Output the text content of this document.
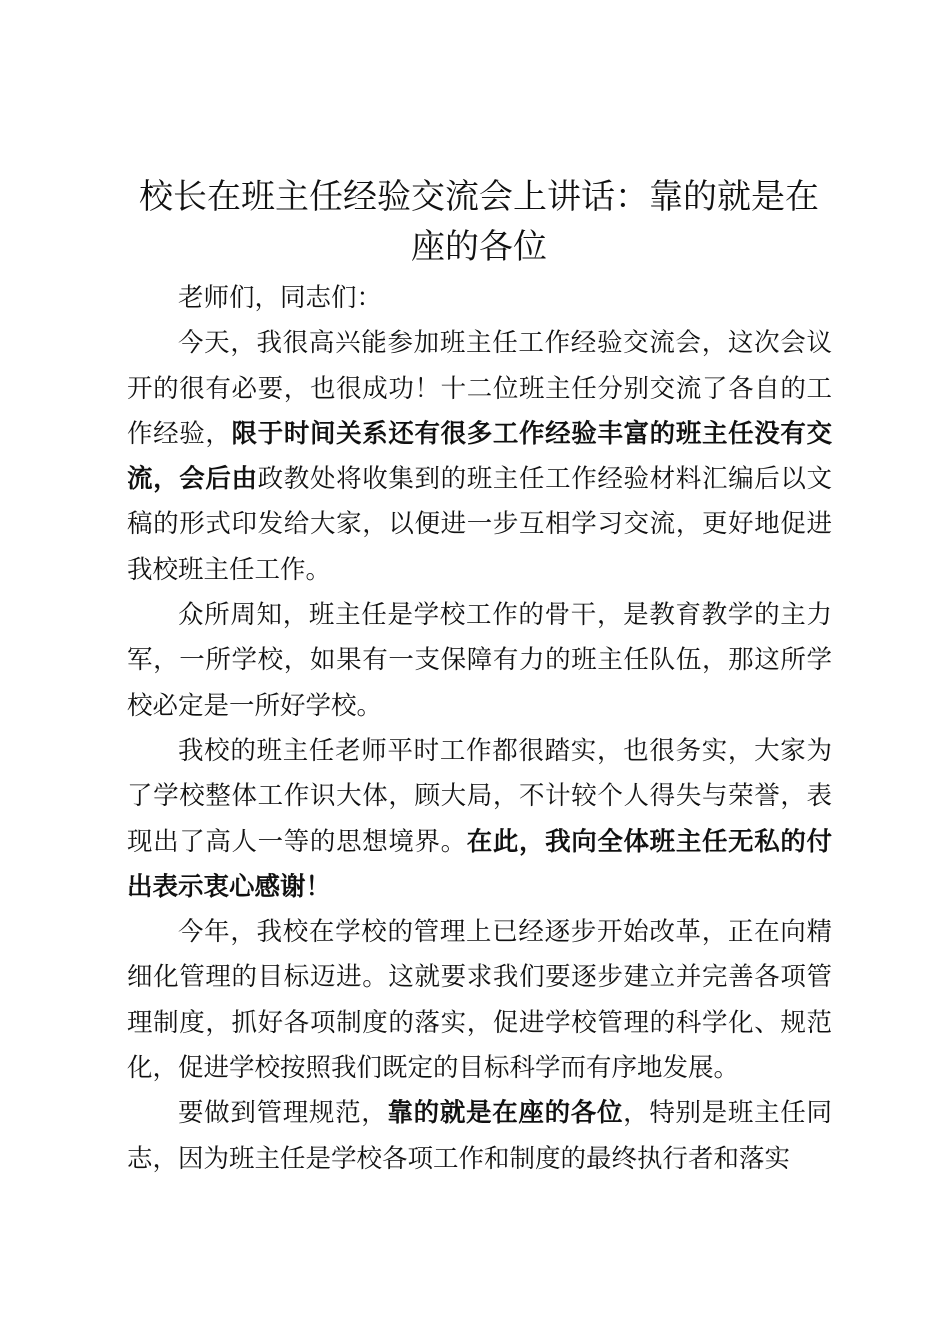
校长在班主任经验交流会上讲话：靠的就是在座的各位

老师们，同志们：

今天，我很高兴能参加班主任工作经验交流会，这次会议开的很有必要，也很成功！十二位班主任分别交流了各自的工作经验，限于时间关系还有很多工作经验丰富的班主任没有交流，会后由政教处将收集到的班主任工作经验材料汇编后以文稿的形式印发给大家，以便进一步互相学习交流，更好地促进我校班主任工作。

众所周知，班主任是学校工作的骨干，是教育教学的主力军，一所学校，如果有一支保障有力的班主任队伍，那这所学校必定是一所好学校。

我校的班主任老师平时工作都很踏实，也很务实，大家为了学校整体工作识大体，顾大局，不计较个人得失与荣誉，表现出了高人一等的思想境界。在此，我向全体班主任无私的付出表示衷心感谢！

今年，我校在学校的管理上已经逐步开始改革，正在向精细化管理的目标迈进。这就要求我们要逐步建立并完善各项管理制度，抓好各项制度的落实，促进学校管理的科学化、规范化，促进学校按照我们既定的目标科学而有序地发展。

要做到管理规范，靠的就是在座的各位，特别是班主任同志，因为班主任是学校各项工作和制度的最终执行者和落实
